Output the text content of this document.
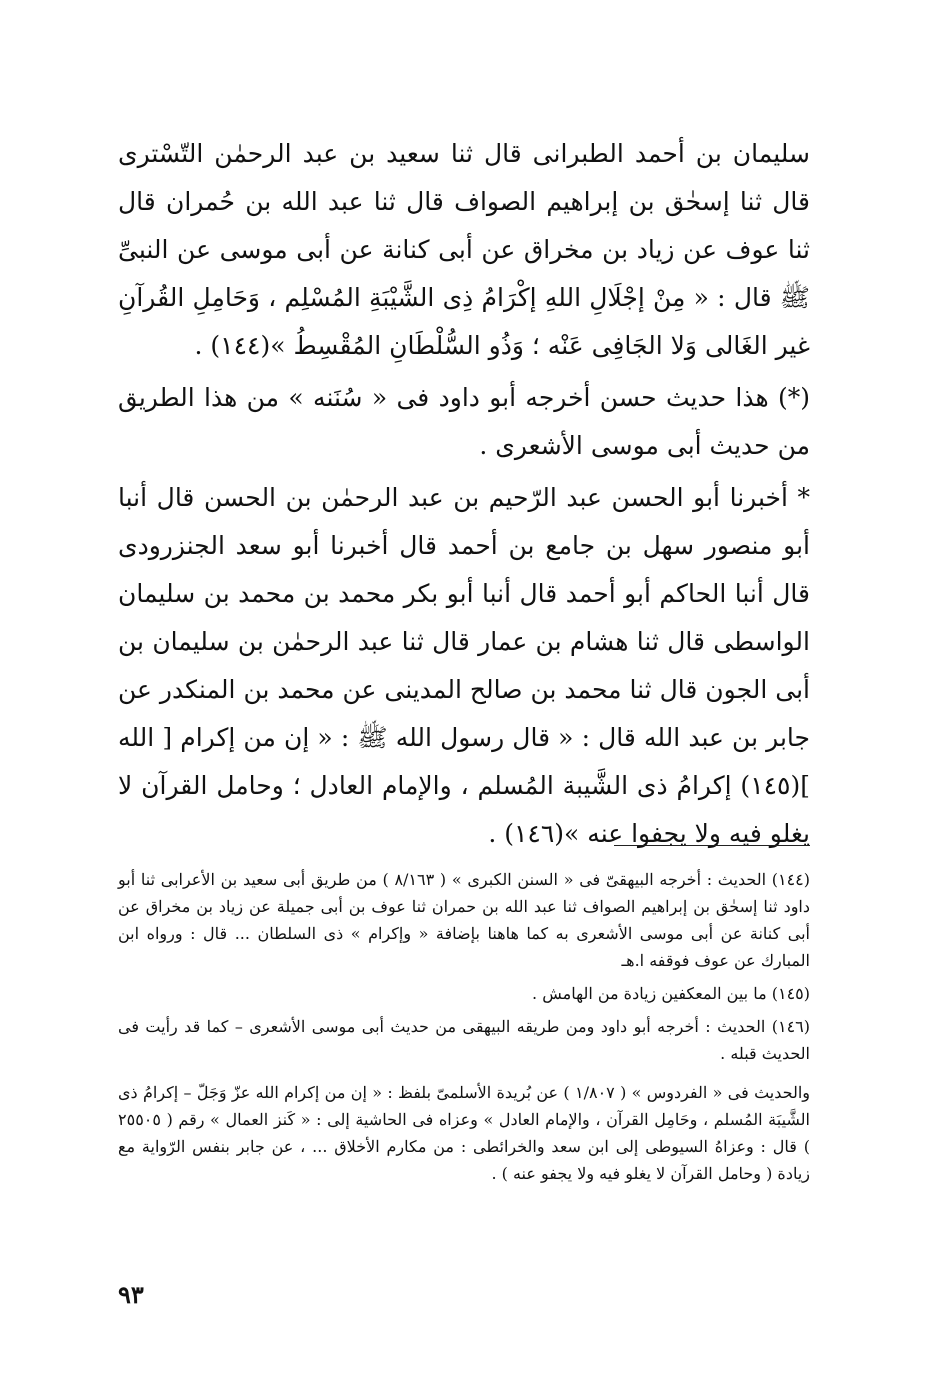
سليمان بن أحمد الطبرانى قال ثنا سعيد بن عبد الرحمٰن التّسْترى قال ثنا إسحٰق بن إبراهيم الصواف قال ثنا عبد الله بن حُمران قال ثنا عوف عن زياد بن مخراق عن أبى كنانة عن أبى موسى عن النبىِّ ﷺ قال : « مِنْ إجْلَالِ اللهِ إكْرَامُ ذِى الشَّيْبَةِ المُسْلِم ، وَحَامِلِ القُرآنِ غير الغَالى وَلا الجَافِى عَنْه ؛ وَذُو السُّلْطَانِ المُقْسِطُ »(١٤٤) .

(*) هذا حديث حسن أخرجه أبو داود فى « سُنَنه » من هذا الطريق من حديث أبى موسى الأشعرى .

* أخبرنا أبو الحسن عبد الرّحيم بن عبد الرحمٰن بن الحسن قال أنبا أبو منصور سهل بن جامع بن أحمد قال أخبرنا أبو سعد الجنزرودى قال أنبا الحاكم أبو أحمد قال أنبا أبو بكر محمد بن محمد بن سليمان الواسطى قال ثنا هشام بن عمار قال ثنا عبد الرحمٰن بن سليمان بن أبى الجون قال ثنا محمد بن صالح المدينى عن محمد بن المنكدر عن جابر بن عبد الله قال : « قال رسول الله ﷺ : « إن من إكرام [ الله ](١٤٥) إكرامُ ذى الشَّيبة المُسلم ، والإمام العادل ؛ وحامل القرآن لا يغلو فيه ولا يجفوا عنه »(١٤٦) .

(١٤٤) الحديث : أخرجه البيهقىّ فى « السنن الكبرى » ( ٨/١٦٣ ) من طريق أبى سعيد بن الأعرابى ثنا أبو داود ثنا إسحٰق بن إبراهيم الصواف ثنا عبد الله بن حمران ثنا عوف بن أبى جميلة عن زياد بن مخراق عن أبى كنانة عن أبى موسى الأشعرى به كما هاهنا بإضافة « وإكرام » ذى السلطان ... قال : ورواه ابن المبارك عن عوف فوقفه ا.هـ

(١٤٥) ما بين المعكفين زيادة من الهامش .

(١٤٦) الحديث : أخرجه أبو داود ومن طريقه البيهقى من حديث أبى موسى الأشعرى – كما قد رأيت فى الحديث قبله .

والحديث فى « الفردوس » ( ١/٨٠٧ ) عن بُريدة الأسلمىّ بلفظ : « إن من إكرام الله عزّ وَجَلّ – إكرامُ ذى الشَّيبَة المُسلم ، وحَامِل القرآن ، والإمام العادل » وعزاه فى الحاشية إلى : « كَنز العمال » رقم ( ٢٥٥٠٥ ) قال : وعزاهُ السيوطى إلى ابن سعد والخرائطى : من مكارم الأخلاق ... ، عن جابر بنفس الرّواية مع زيادة ( وحامل القرآن لا يغلو فيه ولا يجفو عنه ) .

٩٣
